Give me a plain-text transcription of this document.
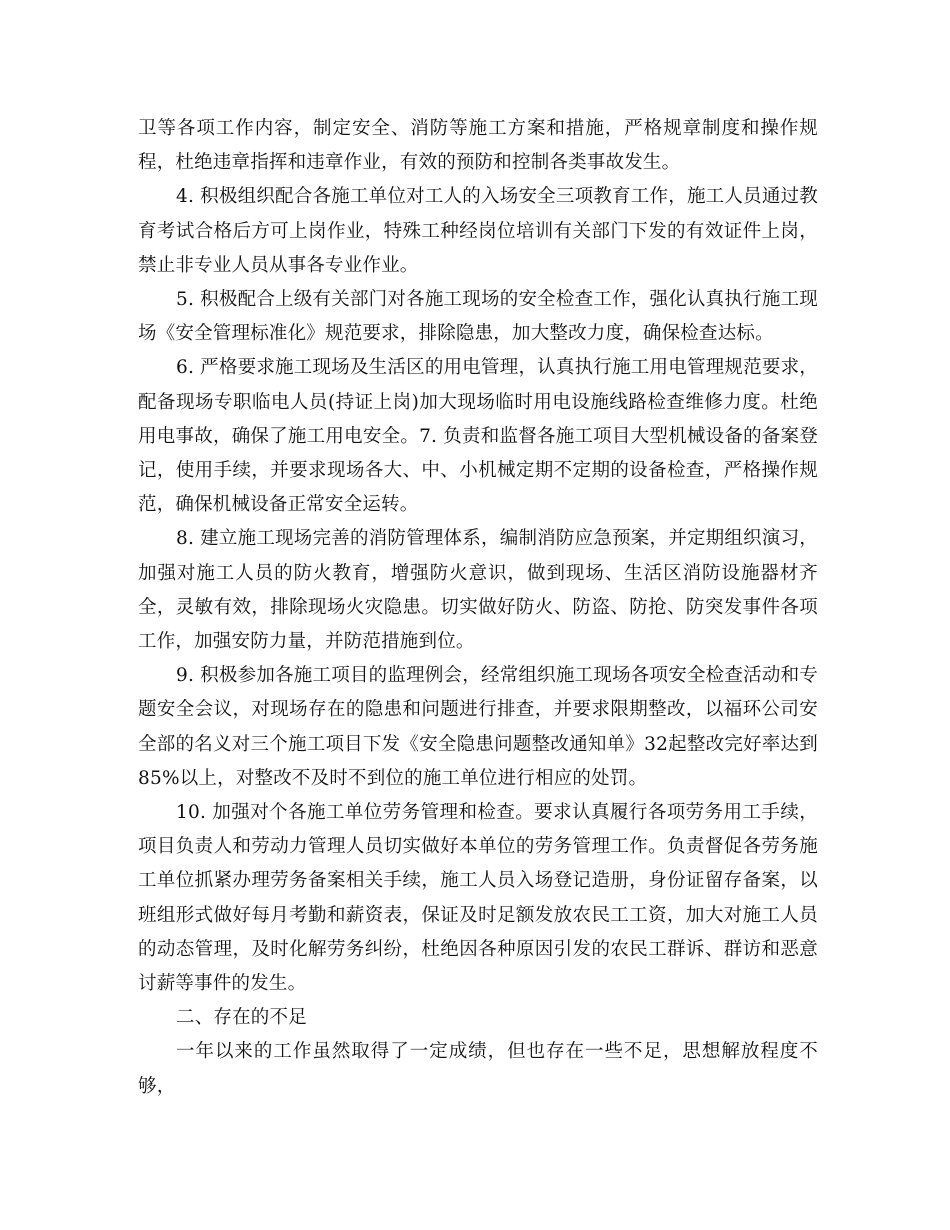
卫等各项工作内容，制定安全、消防等施工方案和措施，严格规章制度和操作规程，杜绝违章指挥和违章作业，有效的预防和控制各类事故发生。

4. 积极组织配合各施工单位对工人的入场安全三项教育工作，施工人员通过教育考试合格后方可上岗作业，特殊工种经岗位培训有关部门下发的有效证件上岗，禁止非专业人员从事各专业作业。

5. 积极配合上级有关部门对各施工现场的安全检查工作，强化认真执行施工现场《安全管理标准化》规范要求，排除隐患，加大整改力度，确保检查达标。

6. 严格要求施工现场及生活区的用电管理，认真执行施工用电管理规范要求，配备现场专职临电人员(持证上岗)加大现场临时用电设施线路检查维修力度。杜绝用电事故，确保了施工用电安全。7. 负责和监督各施工项目大型机械设备的备案登记，使用手续，并要求现场各大、中、小机械定期不定期的设备检查，严格操作规范，确保机械设备正常安全运转。

8. 建立施工现场完善的消防管理体系，编制消防应急预案，并定期组织演习，加强对施工人员的防火教育，增强防火意识，做到现场、生活区消防设施器材齐全，灵敏有效，排除现场火灾隐患。切实做好防火、防盗、防抢、防突发事件各项工作，加强安防力量，并防范措施到位。

9. 积极参加各施工项目的监理例会，经常组织施工现场各项安全检查活动和专题安全会议，对现场存在的隐患和问题进行排查，并要求限期整改，以福环公司安全部的名义对三个施工项目下发《安全隐患问题整改通知单》32起整改完好率达到85%以上，对整改不及时不到位的施工单位进行相应的处罚。

10. 加强对个各施工单位劳务管理和检查。要求认真履行各项劳务用工手续，项目负责人和劳动力管理人员切实做好本单位的劳务管理工作。负责督促各劳务施工单位抓紧办理劳务备案相关手续，施工人员入场登记造册，身份证留存备案，以班组形式做好每月考勤和薪资表，保证及时足额发放农民工工资，加大对施工人员的动态管理，及时化解劳务纠纷，杜绝因各种原因引发的农民工群诉、群访和恶意讨薪等事件的发生。

二、存在的不足

一年以来的工作虽然取得了一定成绩，但也存在一些不足，思想解放程度不够，
